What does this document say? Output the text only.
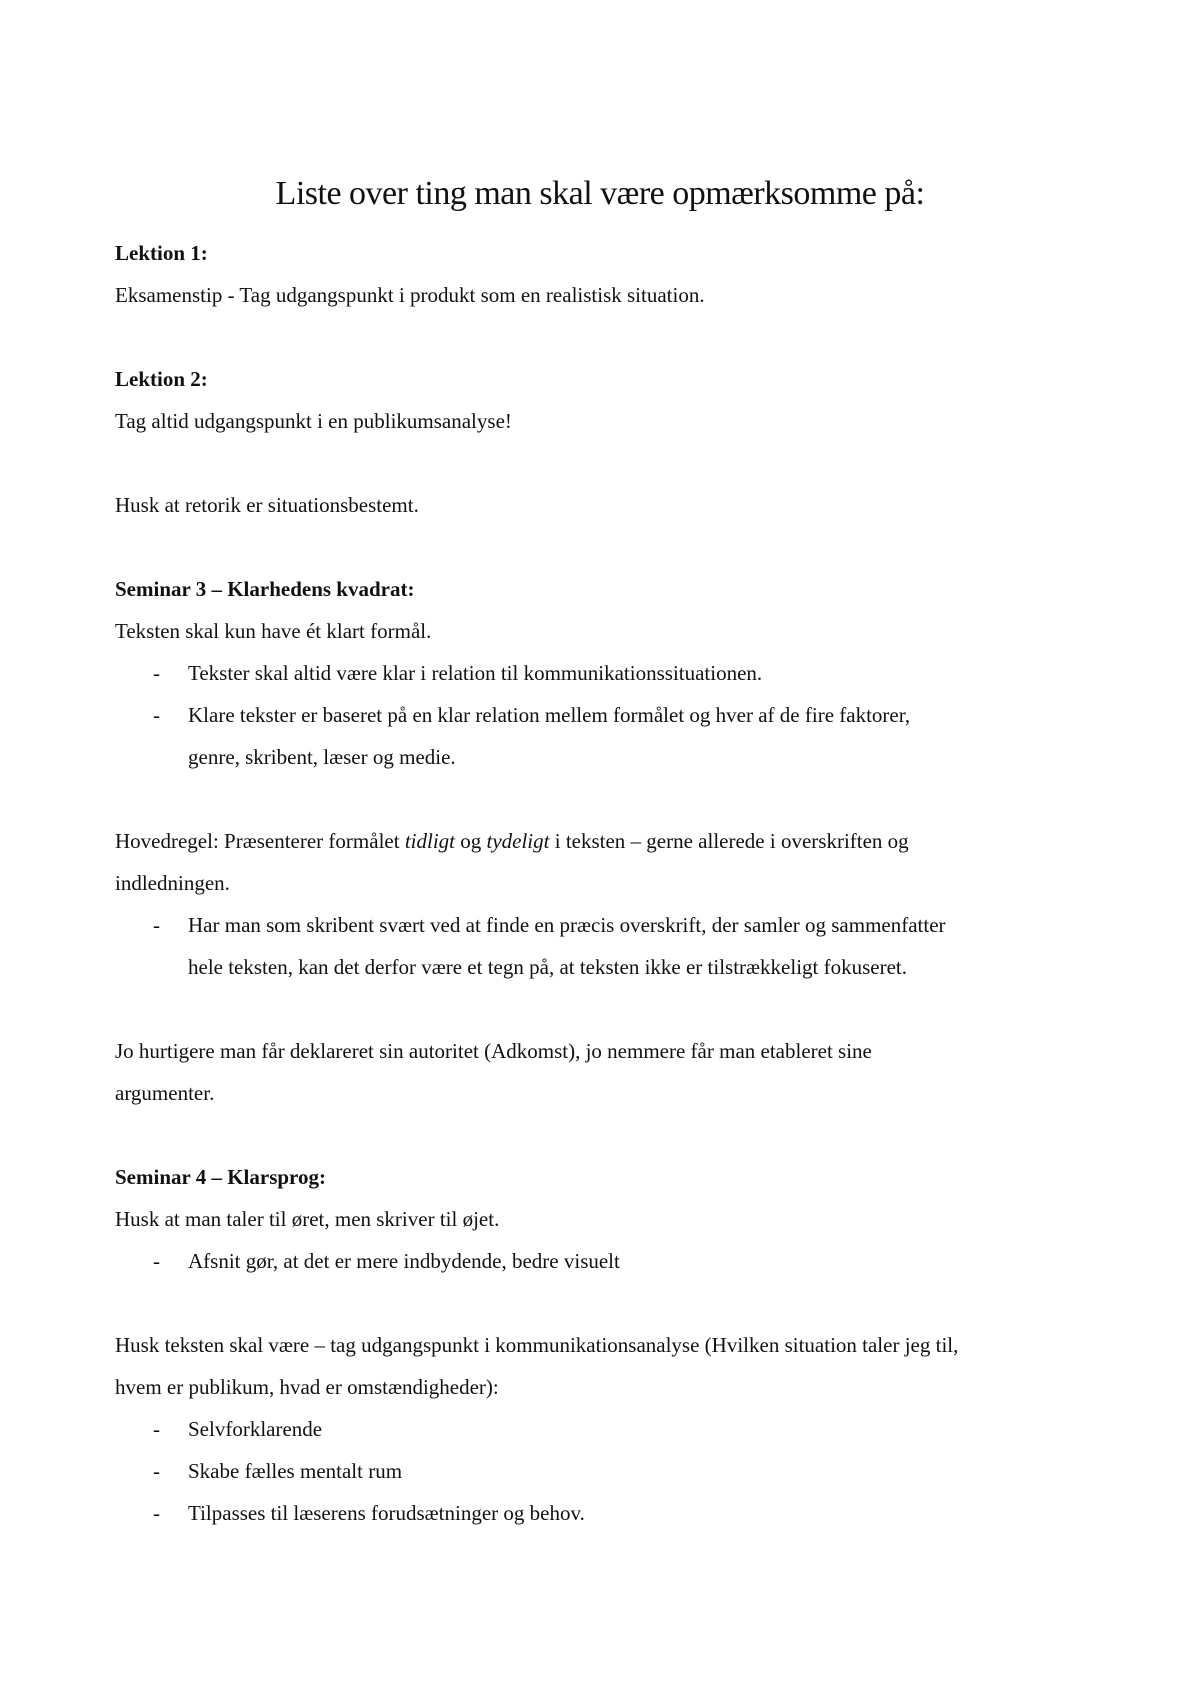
Liste over ting man skal være opmærksomme på:

Lektion 1:

Eksamenstip - Tag udgangspunkt i produkt som en realistisk situation.

Lektion 2:

Tag altid udgangspunkt i en publikumsanalyse!

Husk at retorik er situationsbestemt.

Seminar 3 – Klarhedens kvadrat:

Teksten skal kun have ét klart formål.

- Tekster skal altid være klar i relation til kommunikationssituationen.
- Klare tekster er baseret på en klar relation mellem formålet og hver af de fire faktorer,
genre, skribent, læser og medie.

Hovedregel: Præsenterer formålet tidligt og tydeligt i teksten – gerne allerede i overskriften og

indledningen.

- Har man som skribent svært ved at finde en præcis overskrift, der samler og sammenfatter
hele teksten, kan det derfor være et tegn på, at teksten ikke er tilstrækkeligt fokuseret.

Jo hurtigere man får deklareret sin autoritet (Adkomst), jo nemmere får man etableret sine

argumenter.

Seminar 4 – Klarsprog:

Husk at man taler til øret, men skriver til øjet.

- Afsnit gør, at det er mere indbydende, bedre visuelt

Husk teksten skal være – tag udgangspunkt i kommunikationsanalyse (Hvilken situation taler jeg til,

hvem er publikum, hvad er omstændigheder):

- Selvforklarende
- Skabe fælles mentalt rum
- Tilpasses til læserens forudsætninger og behov.
